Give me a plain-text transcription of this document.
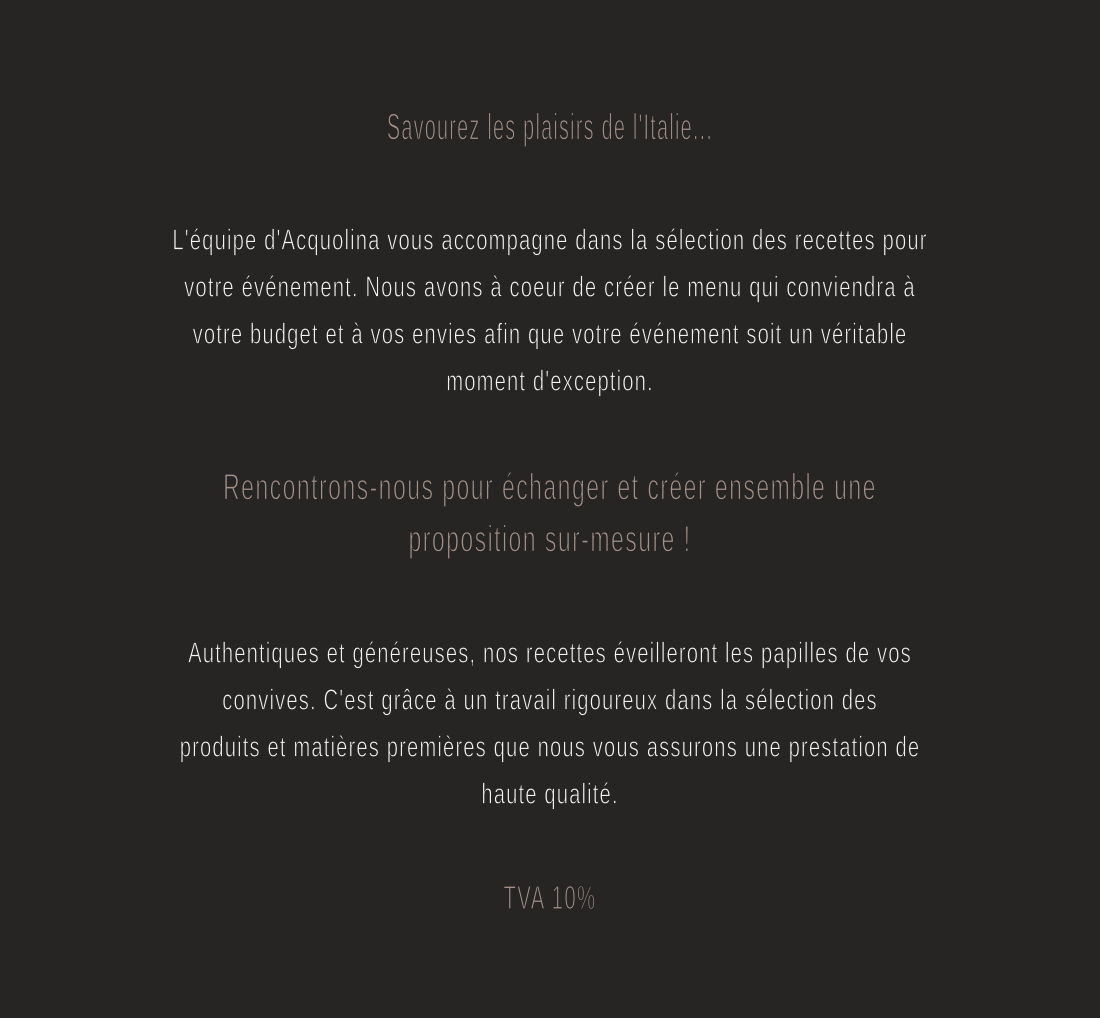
Savourez les plaisirs de l'Italie...
L'équipe d'Acquolina vous accompagne dans la sélection des recettes pour
votre événement. Nous avons à coeur de créer le menu qui conviendra à
votre budget et à vos envies afin que votre événement soit un véritable
moment d'exception.
Rencontrons-nous pour échanger et créer ensemble une
proposition sur-mesure !
Authentiques et généreuses, nos recettes éveilleront les papilles de vos
convives. C'est grâce à un travail rigoureux dans la sélection des
produits et matières premières que nous vous assurons une prestation de
haute qualité.
TVA 10%
